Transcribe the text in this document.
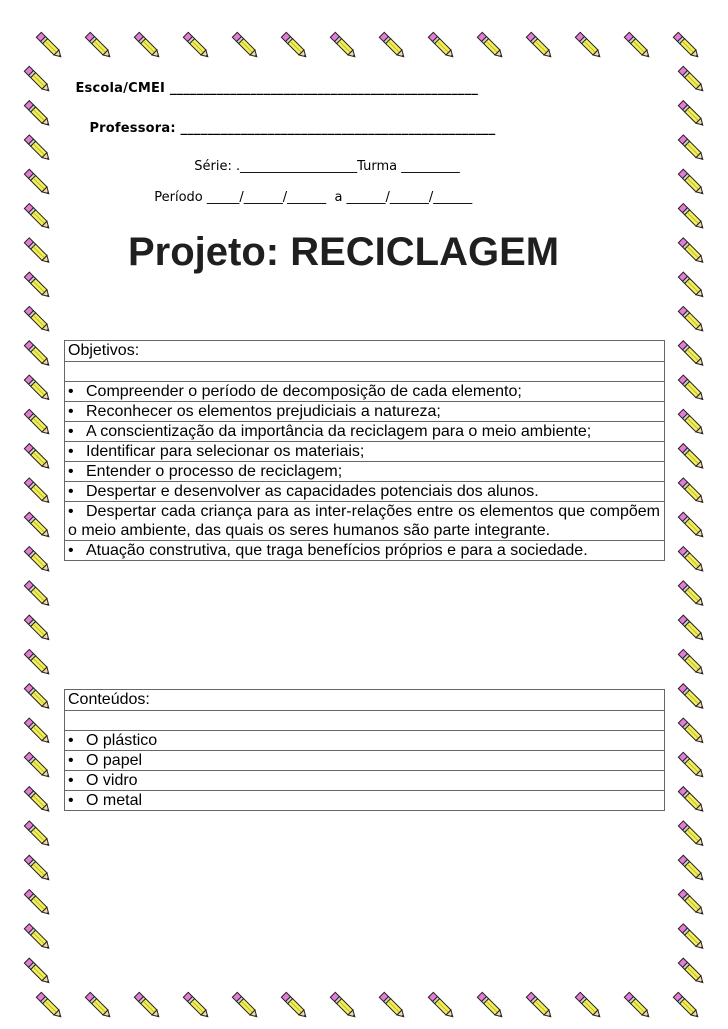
Escola/CMEI ______________________________________________

Professora: _______________________________________________

Série: .__________________Turma _________

Período _____/______/______  a ______/______/______

Projeto: RECICLAGEM
Objetivos:

• Compreender o período de decomposição de cada elemento;
• Reconhecer os elementos prejudiciais a natureza;
• A conscientização da importância da reciclagem para o meio ambiente;
• Identificar para selecionar os materiais;
• Entender o processo de reciclagem;
• Despertar e desenvolver as capacidades potenciais dos alunos.
• Despertar cada criança para as inter-relações entre os elementos que compõem o meio ambiente, das quais os seres humanos são parte integrante.
• Atuação construtiva, que traga benefícios próprios e para a sociedade.
Conteúdos:

• O plástico
• O papel
• O vidro
• O metal
